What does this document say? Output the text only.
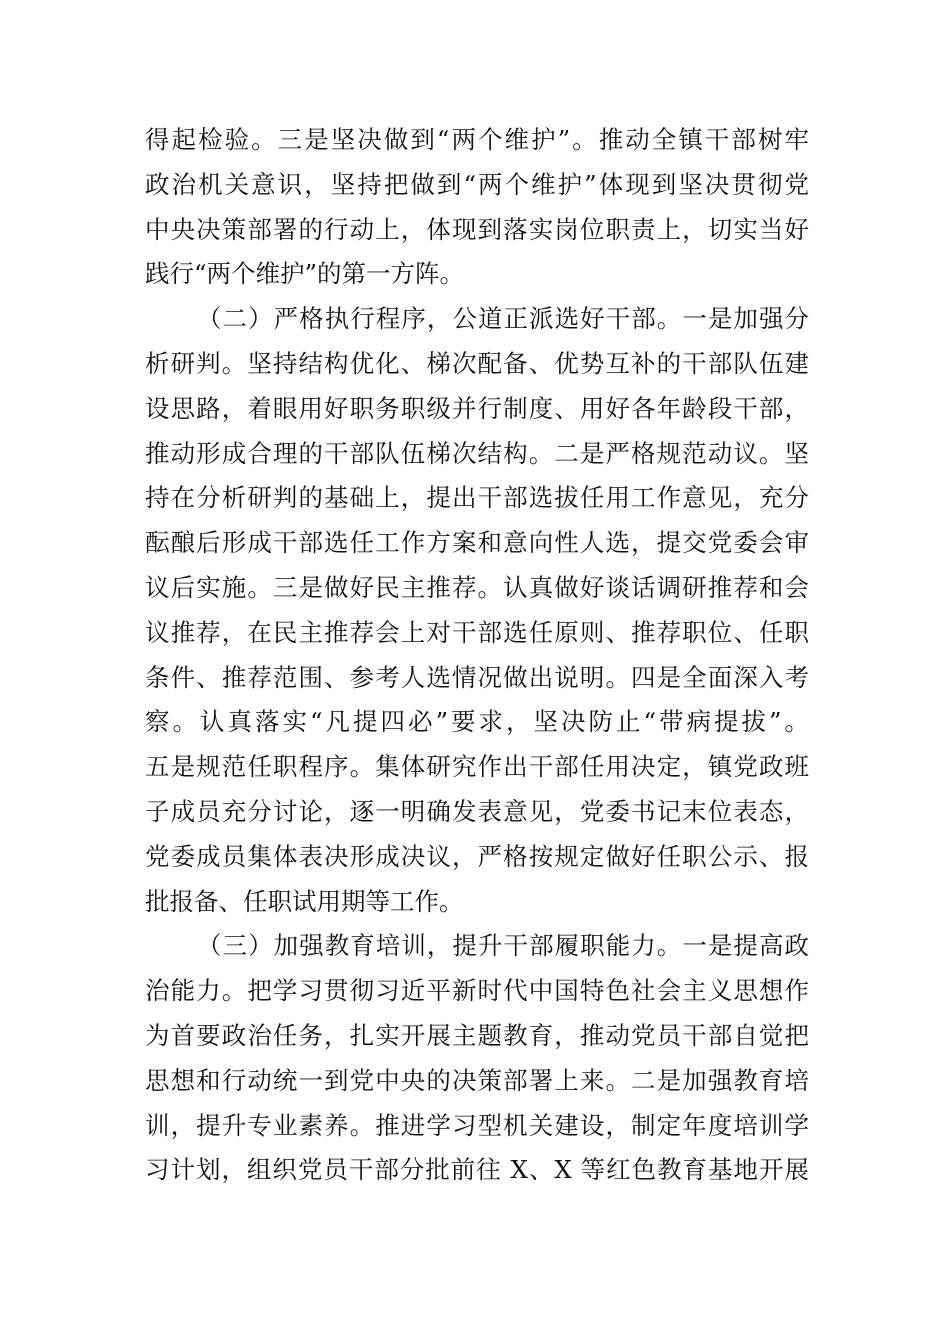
得起检验。三是坚决做到“两个维护”。推动全镇干部树牢
政治机关意识，坚持把做到“两个维护”体现到坚决贯彻党
中央决策部署的行动上，体现到落实岗位职责上，切实当好
践行“两个维护”的第一方阵。
（二）严格执行程序，公道正派选好干部。一是加强分
析研判。坚持结构优化、梯次配备、优势互补的干部队伍建
设思路，着眼用好职务职级并行制度、用好各年龄段干部，
推动形成合理的干部队伍梯次结构。二是严格规范动议。坚
持在分析研判的基础上，提出干部选拔任用工作意见，充分
酝酿后形成干部选任工作方案和意向性人选，提交党委会审
议后实施。三是做好民主推荐。认真做好谈话调研推荐和会
议推荐，在民主推荐会上对干部选任原则、推荐职位、任职
条件、推荐范围、参考人选情况做出说明。四是全面深入考
察。认真落实“凡提四必”要求，坚决防止“带病提拔”。
五是规范任职程序。集体研究作出干部任用决定，镇党政班
子成员充分讨论，逐一明确发表意见，党委书记末位表态，
党委成员集体表决形成决议，严格按规定做好任职公示、报
批报备、任职试用期等工作。
（三）加强教育培训，提升干部履职能力。一是提高政
治能力。把学习贯彻习近平新时代中国特色社会主义思想作
为首要政治任务，扎实开展主题教育，推动党员干部自觉把
思想和行动统一到党中央的决策部署上来。二是加强教育培
训，提升专业素养。推进学习型机关建设，制定年度培训学
习计划，组织党员干部分批前往 X、X 等红色教育基地开展
